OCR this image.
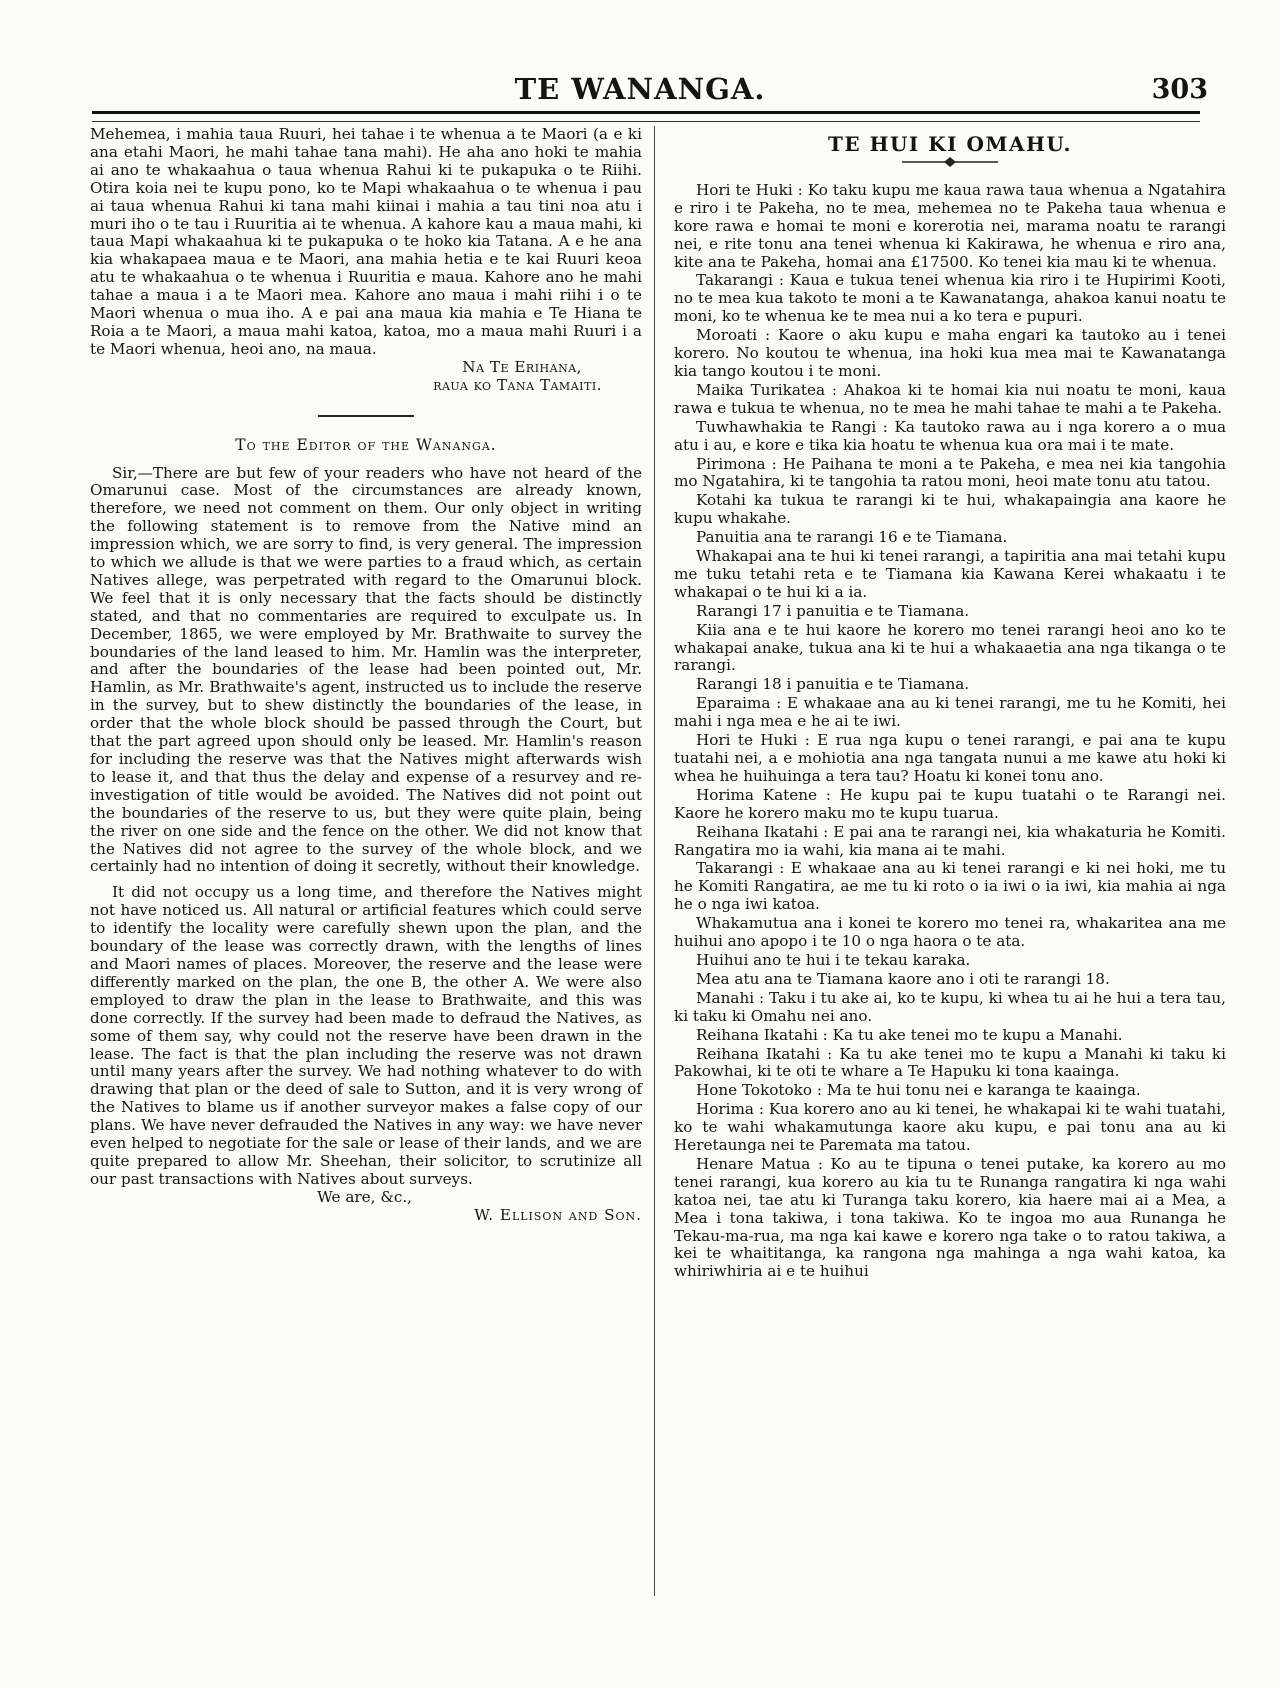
TE WANANGA.	303

Mehemea, i mahia taua Ruuri, hei tahae i te whenua a te Maori (a e ki ana etahi Maori, he mahi tahae tana mahi). He aha ano hoki te mahia ai ano te whakaahua o taua whenua Rahui ki te pukapuka o te Riihi. Otira koia nei te kupu pono, ko te Mapi whakaahua o te whenua i pau ai taua whenua Rahui ki tana mahi kiinai i mahia a tau tini noa atu i muri iho o te tau i Ruuritia ai te whenua. A kahore kau a maua mahi, ki taua Mapi whakaahua ki te pukapuka o te hoko kia Tatana. A e he ana kia whakapaea maua e te Maori, ana mahia hetia e te kai Ruuri keoa atu te whakaahua o te whenua i Ruuritia e maua. Kahore ano he mahi tahae a maua i a te Maori mea. Kahore ano maua i mahi riihi i o te Maori whenua o mua iho. A e pai ana maua kia mahia e Te Hiana te Roia a te Maori, a maua mahi katoa, katoa, mo a maua mahi Ruuri i a te Maori whenua, heoi ano, na maua.

Na Te Erihana,

raua ko Tana Tamaiti.

To the Editor of the Wananga.

Sir,—There are but few of your readers who have not heard of the Omarunui case. Most of the circumstances are already known, therefore, we need not comment on them. Our only object in writing the following statement is to remove from the Native mind an impression which, we are sorry to find, is very general. The impression to which we allude is that we were parties to a fraud which, as certain Natives allege, was perpetrated with regard to the Omarunui block. We feel that it is only necessary that the facts should be distinctly stated, and that no commentaries are required to exculpate us. In December, 1865, we were employed by Mr. Brathwaite to survey the boundaries of the land leased to him. Mr. Hamlin was the interpreter, and after the boundaries of the lease had been pointed out, Mr. Hamlin, as Mr. Brathwaite's agent, instructed us to include the reserve in the survey, but to shew distinctly the boundaries of the lease, in order that the whole block should be passed through the Court, but that the part agreed upon should only be leased. Mr. Hamlin's reason for including the reserve was that the Natives might afterwards wish to lease it, and that thus the delay and expense of a resurvey and re-investigation of title would be avoided. The Natives did not point out the boundaries of the reserve to us, but they were quite plain, being the river on one side and the fence on the other. We did not know that the Natives did not agree to the survey of the whole block, and we certainly had no intention of doing it secretly, without their knowledge.

It did not occupy us a long time, and therefore the Natives might not have noticed us. All natural or artificial features which could serve to identify the locality were carefully shewn upon the plan, and the boundary of the lease was correctly drawn, with the lengths of lines and Maori names of places. Moreover, the reserve and the lease were differently marked on the plan, the one B, the other A. We were also employed to draw the plan in the lease to Brathwaite, and this was done correctly. If the survey had been made to defraud the Natives, as some of them say, why could not the reserve have been drawn in the lease. The fact is that the plan including the reserve was not drawn until many years after the survey. We had nothing whatever to do with drawing that plan or the deed of sale to Sutton, and it is very wrong of the Natives to blame us if another surveyor makes a false copy of our plans. We have never defrauded the Natives in any way: we have never even helped to negotiate for the sale or lease of their lands, and we are quite prepared to allow Mr. Sheehan, their solicitor, to scrutinize all our past transactions with Natives about surveys.

We are, &c.,

W. Ellison and Son.

TE HUI KI OMAHU.

Hori te Huki : Ko taku kupu me kaua rawa taua whenua a Ngatahira e riro i te Pakeha, no te mea, mehemea no te Pakeha taua whenua e kore rawa e homai te moni e korerotia nei, marama noatu te rarangi nei, e rite tonu ana tenei whenua ki Kakirawa, he whenua e riro ana, kite ana te Pakeha, homai ana £17500. Ko tenei kia mau ki te whenua.

Takarangi : Kaua e tukua tenei whenua kia riro i te Hupirimi Kooti, no te mea kua takoto te moni a te Kawanatanga, ahakoa kanui noatu te moni, ko te whenua ke te mea nui a ko tera e pupuri.

Moroati : Kaore o aku kupu e maha engari ka tautoko au i tenei korero. No koutou te whenua, ina hoki kua mea mai te Kawanatanga kia tango koutou i te moni.

Maika Turikatea : Ahakoa ki te homai kia nui noatu te moni, kaua rawa e tukua te whenua, no te mea he mahi tahae te mahi a te Pakeha.

Tuwhawhakia te Rangi : Ka tautoko rawa au i nga korero a o mua atu i au, e kore e tika kia hoatu te whenua kua ora mai i te mate.

Pirimona : He Paihana te moni a te Pakeha, e mea nei kia tangohia mo Ngatahira, ki te tangohia ta ratou moni, heoi mate tonu atu tatou.

Kotahi ka tukua te rarangi ki te hui, whakapaingia ana kaore he kupu whakahe.

Panuitia ana te rarangi 16 e te Tiamana.

Whakapai ana te hui ki tenei rarangi, a tapiritia ana mai tetahi kupu me tuku tetahi reta e te Tiamana kia Kawana Kerei whakaatu i te whakapai o te hui ki a ia.

Rarangi 17 i panuitia e te Tiamana.

Kiia ana e te hui kaore he korero mo tenei rarangi heoi ano ko te whakapai anake, tukua ana ki te hui a whakaaetia ana nga tikanga o te rarangi.

Rarangi 18 i panuitia e te Tiamana.

Eparaima : E whakaae ana au ki tenei rarangi, me tu he Komiti, hei mahi i nga mea e he ai te iwi.

Hori te Huki : E rua nga kupu o tenei rarangi, e pai ana te kupu tuatahi nei, a e mohiotia ana nga tangata nunui a me kawe atu hoki ki whea he huihuinga a tera tau? Hoatu ki konei tonu ano.

Horima Katene : He kupu pai te kupu tuatahi o te Rarangi nei. Kaore he korero maku mo te kupu tuarua.

Reihana Ikatahi : E pai ana te rarangi nei, kia whakaturia he Komiti. Rangatira mo ia wahi, kia mana ai te mahi.

Takarangi : E whakaae ana au ki tenei rarangi e ki nei hoki, me tu he Komiti Rangatira, ae me tu ki roto o ia iwi o ia iwi, kia mahia ai nga he o nga iwi katoa.

Whakamutua ana i konei te korero mo tenei ra, whakaritea ana me huihui ano apopo i te 10 o nga haora o te ata.

Huihui ano te hui i te tekau karaka.

Mea atu ana te Tiamana kaore ano i oti te rarangi 18.

Manahi : Taku i tu ake ai, ko te kupu, ki whea tu ai he hui a tera tau, ki taku ki Omahu nei ano.

Reihana Ikatahi : Ka tu ake tenei mo te kupu a Manahi.

Reihana Ikatahi : Ka tu ake tenei mo te kupu a Manahi ki taku ki Pakowhai, ki te oti te whare a Te Hapuku ki tona kaainga.

Hone Tokotoko : Ma te hui tonu nei e karanga te kaainga.

Horima : Kua korero ano au ki tenei, he whakapai ki te wahi tuatahi, ko te wahi whakamutunga kaore aku kupu, e pai tonu ana au ki Heretaunga nei te Paremata ma tatou.

Henare Matua : Ko au te tipuna o tenei putake, ka korero au mo tenei rarangi, kua korero au kia tu te Runanga rangatira ki nga wahi katoa nei, tae atu ki Turanga taku korero, kia haere mai ai a Mea, a Mea i tona takiwa, i tona takiwa. Ko te ingoa mo aua Runanga he Tekau-ma-rua, ma nga kai kawe e korero nga take o to ratou takiwa, a kei te whaititanga, ka rangona nga mahinga a nga wahi katoa, ka whiriwhiria ai e te huihui
